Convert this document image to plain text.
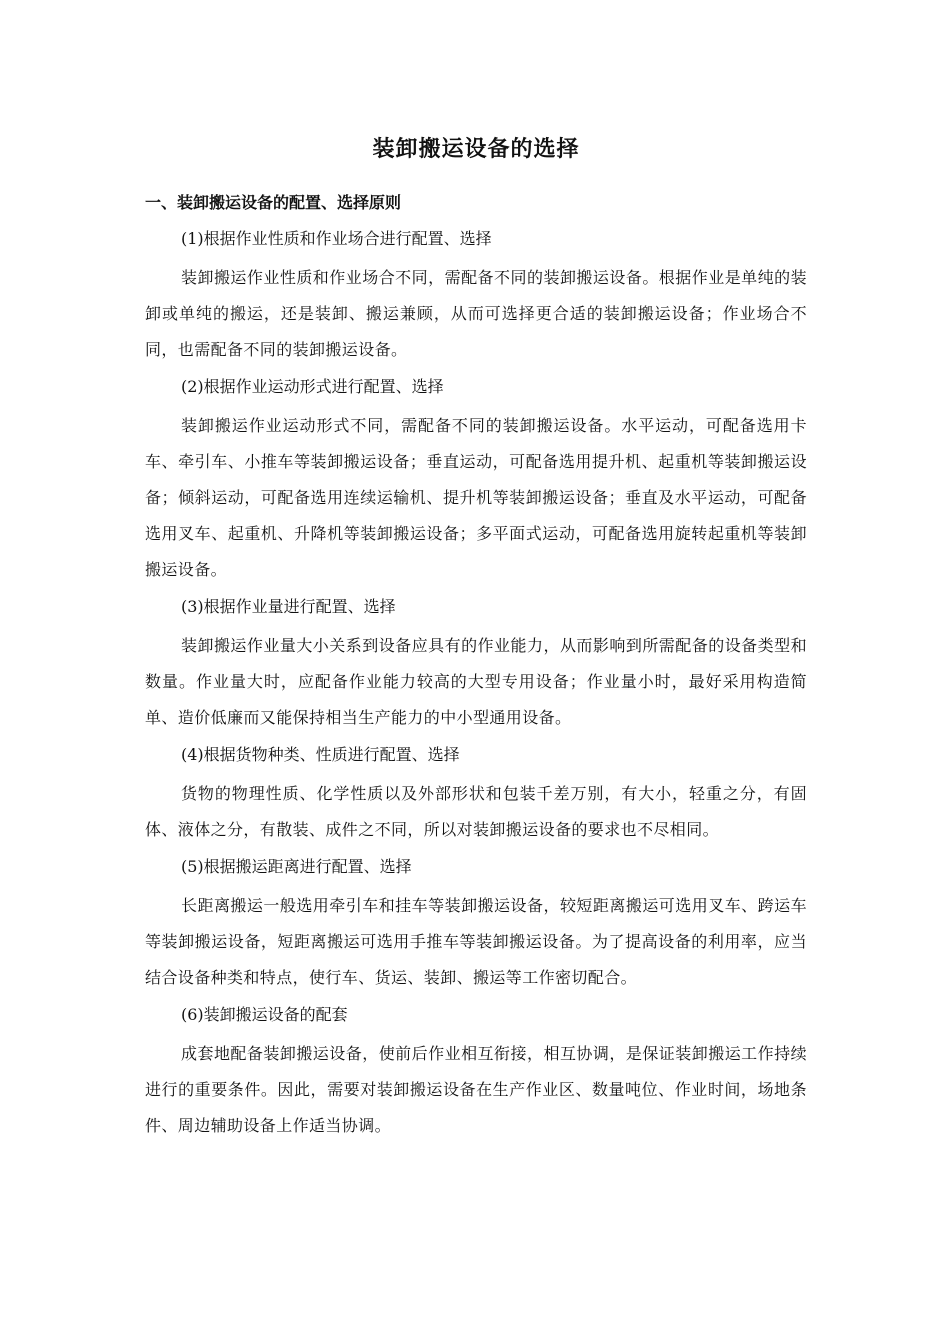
装卸搬运设备的选择
一、装卸搬运设备的配置、选择原则
(1)根据作业性质和作业场合进行配置、选择

装卸搬运作业性质和作业场合不同，需配备不同的装卸搬运设备。根据作业是单纯的装卸或单纯的搬运，还是装卸、搬运兼顾，从而可选择更合适的装卸搬运设备；作业场合不同，也需配备不同的装卸搬运设备。

(2)根据作业运动形式进行配置、选择

装卸搬运作业运动形式不同，需配备不同的装卸搬运设备。水平运动，可配备选用卡车、牵引车、小推车等装卸搬运设备；垂直运动，可配备选用提升机、起重机等装卸搬运设备；倾斜运动，可配备选用连续运输机、提升机等装卸搬运设备；垂直及水平运动，可配备选用叉车、起重机、升降机等装卸搬运设备；多平面式运动，可配备选用旋转起重机等装卸搬运设备。

(3)根据作业量进行配置、选择

装卸搬运作业量大小关系到设备应具有的作业能力，从而影响到所需配备的设备类型和数量。作业量大时，应配备作业能力较高的大型专用设备；作业量小时，最好采用构造简单、造价低廉而又能保持相当生产能力的中小型通用设备。

(4)根据货物种类、性质进行配置、选择

货物的物理性质、化学性质以及外部形状和包装千差万别，有大小，轻重之分，有固体、液体之分，有散装、成件之不同，所以对装卸搬运设备的要求也不尽相同。

(5)根据搬运距离进行配置、选择

长距离搬运一般选用牵引车和挂车等装卸搬运设备，较短距离搬运可选用叉车、跨运车等装卸搬运设备，短距离搬运可选用手推车等装卸搬运设备。为了提高设备的利用率，应当结合设备种类和特点，使行车、货运、装卸、搬运等工作密切配合。

(6)装卸搬运设备的配套

成套地配备装卸搬运设备，使前后作业相互衔接，相互协调，是保证装卸搬运工作持续进行的重要条件。因此，需要对装卸搬运设备在生产作业区、数量吨位、作业时间，场地条件、周边辅助设备上作适当协调。
